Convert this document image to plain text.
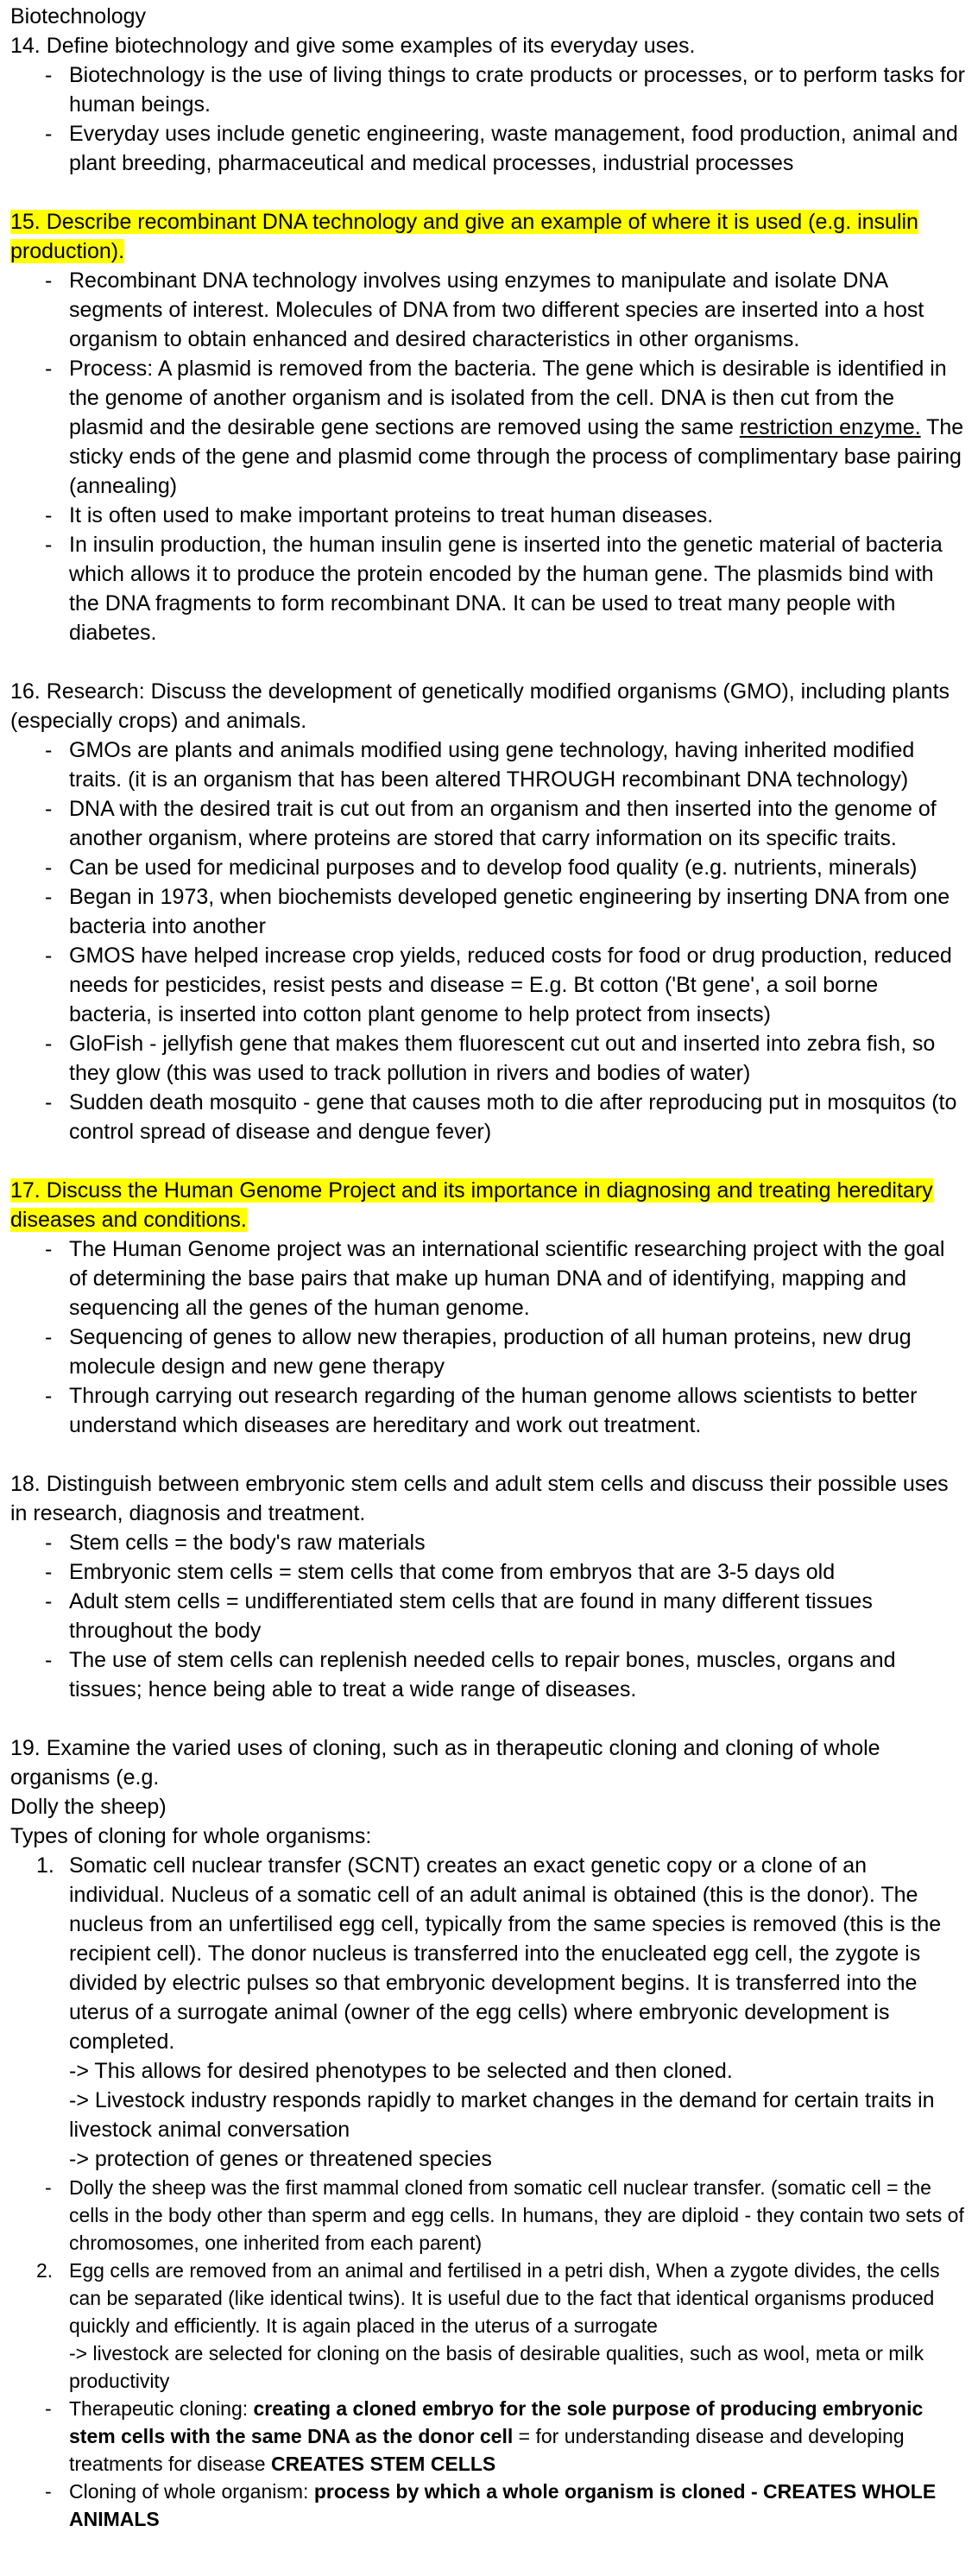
Biotechnology

14. Define biotechnology and give some examples of its everyday uses.

- Biotechnology is the use of living things to crate products or processes, or to perform tasks for human beings.
- Everyday uses include genetic engineering, waste management, food production, animal and plant breeding, pharmaceutical and medical processes, industrial processes

15. Describe recombinant DNA technology and give an example of where it is used (e.g. insulin production).

- Recombinant DNA technology involves using enzymes to manipulate and isolate DNA segments of interest. Molecules of DNA from two different species are inserted into a host organism to obtain enhanced and desired characteristics in other organisms.
- Process: A plasmid is removed from the bacteria. The gene which is desirable is identified in the genome of another organism and is isolated from the cell. DNA is then cut from the plasmid and the desirable gene sections are removed using the same restriction enzyme. The sticky ends of the gene and plasmid come through the process of complimentary base pairing (annealing)
- It is often used to make important proteins to treat human diseases.
- In insulin production, the human insulin gene is inserted into the genetic material of bacteria which allows it to produce the protein encoded by the human gene. The plasmids bind with the DNA fragments to form recombinant DNA. It can be used to treat many people with diabetes.

16. Research: Discuss the development of genetically modified organisms (GMO), including plants

(especially crops) and animals.

- GMOs are plants and animals modified using gene technology, having inherited modified traits. (it is an organism that has been altered THROUGH recombinant DNA technology)
- DNA with the desired trait is cut out from an organism and then inserted into the genome of another organism, where proteins are stored that carry information on its specific traits.
- Can be used for medicinal purposes and to develop food quality (e.g. nutrients, minerals)
- Began in 1973, when biochemists developed genetic engineering by inserting DNA from one bacteria into another
- GMOS have helped increase crop yields, reduced costs for food or drug production, reduced needs for pesticides, resist pests and disease = E.g. Bt cotton ('Bt gene', a soil borne bacteria, is inserted into cotton plant genome to help protect from insects)
- GloFish - jellyfish gene that makes them fluorescent cut out and inserted into zebra fish, so they glow (this was used to track pollution in rivers and bodies of water)
- Sudden death mosquito - gene that causes moth to die after reproducing put in mosquitos (to control spread of disease and dengue fever)

17. Discuss the Human Genome Project and its importance in diagnosing and treating hereditary diseases and conditions.

- The Human Genome project was an international scientific researching project with the goal of determining the base pairs that make up human DNA and of identifying, mapping and sequencing all the genes of the human genome.
- Sequencing of genes to allow new therapies, production of all human proteins, new drug molecule design and new gene therapy
- Through carrying out research regarding of the human genome allows scientists to better understand which diseases are hereditary and work out treatment.

18. Distinguish between embryonic stem cells and adult stem cells and discuss their possible uses in research, diagnosis and treatment.

- Stem cells = the body's raw materials
- Embryonic stem cells = stem cells that come from embryos that are 3-5 days old
- Adult stem cells = undifferentiated stem cells that are found in many different tissues throughout the body
- The use of stem cells can replenish needed cells to repair bones, muscles, organs and tissues; hence being able to treat a wide range of diseases.

19. Examine the varied uses of cloning, such as in therapeutic cloning and cloning of whole organisms (e.g.

Dolly the sheep)

Types of cloning for whole organisms:

1. Somatic cell nuclear transfer (SCNT) creates an exact genetic copy or a clone of an individual. Nucleus of a somatic cell of an adult animal is obtained (this is the donor). The nucleus from an unfertilised egg cell, typically from the same species is removed (this is the recipient cell). The donor nucleus is transferred into the enucleated egg cell, the zygote is divided by electric pulses so that embryonic development begins. It is transferred into the uterus of a surrogate animal (owner of the egg cells) where embryonic development is completed.

-> This allows for desired phenotypes to be selected and then cloned.

-> Livestock industry responds rapidly to market changes in the demand for certain traits in livestock animal conversation

-> protection of genes or threatened species

- Dolly the sheep was the first mammal cloned from somatic cell nuclear transfer. (somatic cell = the cells in the body other than sperm and egg cells. In humans, they are diploid - they contain two sets of chromosomes, one inherited from each parent)
2. Egg cells are removed from an animal and fertilised in a petri dish, When a zygote divides, the cells can be separated (like identical twins). It is useful due to the fact that identical organisms produced quickly and efficiently. It is again placed in the uterus of a surrogate

-> livestock are selected for cloning on the basis of desirable qualities, such as wool, meta or milk productivity

- Therapeutic cloning: creating a cloned embryo for the sole purpose of producing embryonic stem cells with the same DNA as the donor cell = for understanding disease and developing treatments for disease CREATES STEM CELLS
- Cloning of whole organism: process by which a whole organism is cloned - CREATES WHOLE ANIMALS
